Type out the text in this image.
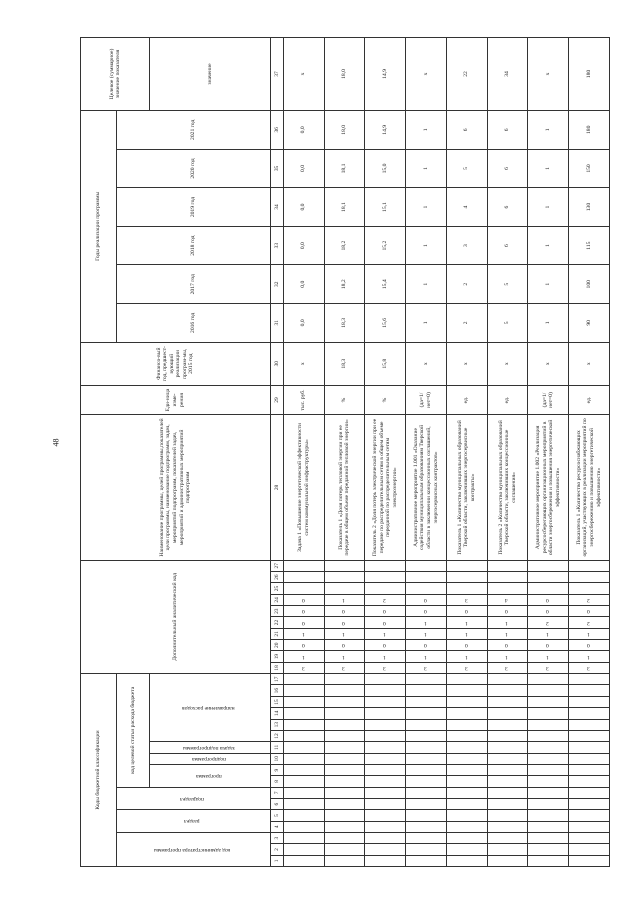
48
Коды бюджетной классификации																	Дополнительный аналитический код										Наименование программы, целей программы,показателей цели программы, наименование подпрограмм, задач, мероприятий подпрограмм, показателей задач, мероприятий и административных мероприятий подпрограмм	Еди-ница изме-рения	Финансо-вый год, предшест-вующий реализации програм-мы, 2015 год	Годы реализации программы						Целевое (суммарное) значение показателя
код администратора программы			раздел		подраздел		код целевой статьи расхода бюджета																							2016 год	2017 год	2018 год	2019 год	2020 год	2021 год	
							программа		подпрограмма	задача подпрограммы	направление расходов																									значение
1	2	3	4	5	6	7	8	9	10	11	12	13	14	15	16	17	18	19	20	21	22	23	24	25	26	27	28	29	30	31	32	33	34	35	36	37
																	3	1	0	1	0	0	0				Задача 1 «Повышение энергетической эффективности систем коммунальной инфраструктуры»	тыс. руб.	x	0,0	0,0	0,0	0,0	0,0	0,0	x
																	3	1	0	1	0	0	1				Показатель 1 «Доля потерь тепловой энергии при ее передаче в общем объеме переданной тепловой энергии»	%	18,3	18,3	18,2	18,2	18,1	18,1	18,0	18,0
																	3	1	0	1	0	0	2				Показатель 2 «Доля потерь электрической энергии при ее передаче по распределительным сетям в общем объеме переданной по распределительным сетям электроэнергии»	%	15,8	15,6	15,4	15,2	15,1	15,0	14,9	14,9
																	3	1	0	1	1	0	0				Административное мероприятие 1.001 «Оказание содействия муниципальным образованиям Тверской области в заключении концессионных соглашений, энергосервисных контрактов»	(да=1/ нет=0)	x	1	1	1	1	1	1	x
																	3	1	0	1	1	0	3				Показатель 1 «Количество муниципальных образований Тверской области, заключивших энергосервисные контракты»	ед.	x	2	2	3	4	5	6	22
																	3	1	0	1	1	0	4				Показатель 2 «Количество муниципальных образований Тверской области, заключивших концессионные соглашения»	ед.	x	5	5	6	6	6	6	34
																	3	1	0	1	2	0	0				Административное мероприятие 1.002 «Реализация ресурсосберегающих организационных мероприятий в области энергосбережения и повышения энергетической эффективности»	(да=1/ нет=0)	x	1	1	1	1	1	1	x
																	3	1	0	1	2	0	2				Показатель 1 «Количество ресурсоснабжающих организаций, участвующих в реализации мероприятий по энергосбережению и повышению энергетической эффективности»	ед.	x	90	100	115	130	150	180	180
